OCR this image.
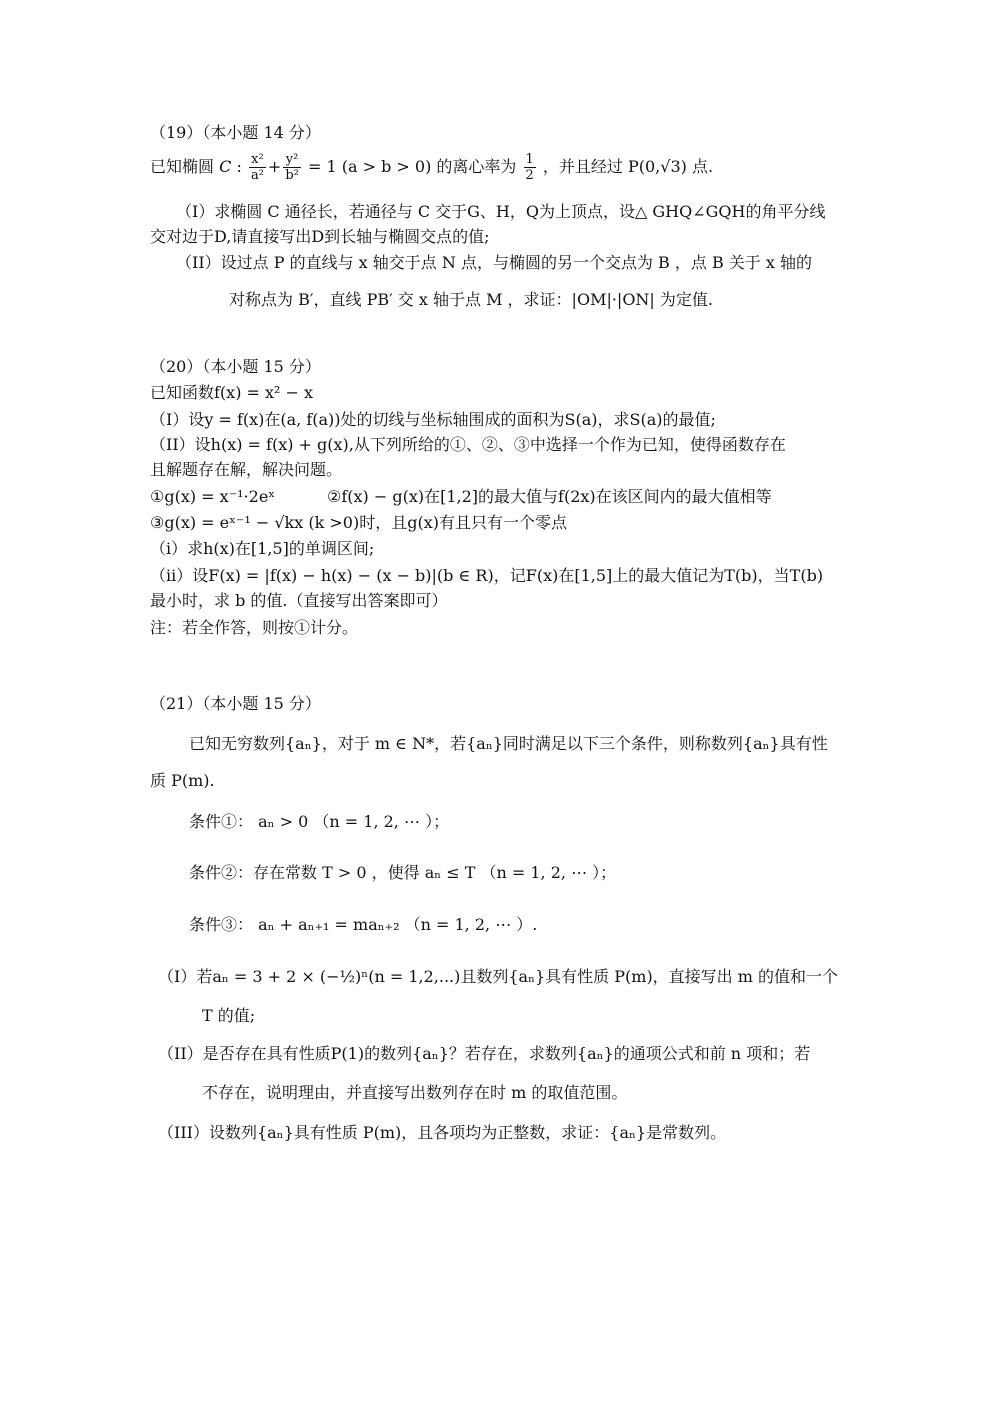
（19）（本小题 14 分）
已知椭圆 C : $\frac{\text{x²}}{\text{a²}} + \frac{\text{y²}}{\text{b²}} = 1$ (a > b > 0) 的离心率为 $\frac{1}{2}$ ，并且经过 P(0,√3) 点.
（I）求椭圆 C 通径长，若通径与 C 交于G、H，Q为上顶点，设△ GHQ∠GQH的角平分线
交对边于D,请直接写出D到长轴与椭圆交点的值;
（II）设过点 P 的直线与 x 轴交于点 N 点，与椭圆的另一个交点为 B ，点 B 关于 x 轴的
对称点为 B′，直线 PB′ 交 x 轴于点 M ，求证：|OM|·|ON| 为定值.
（20）（本小题 15 分）
已知函数f(x) = x² − x
（I）设y = f(x)在(a, f(a))处的切线与坐标轴围成的面积为S(a)，求S(a)的最值;
（II）设h(x) = f(x) + g(x),从下列所给的①、②、③中选择一个作为已知，使得函数存在
且解题存在解，解决问题。
①g(x) = x⁻¹·2eˣ	②f(x) − g(x)在[1,2]的最大值与f(2x)在该区间内的最大值相等
③g(x) = eˣ⁻¹ − √kx (k >0)时，且g(x)有且只有一个零点
（i）求h(x)在[1,5]的单调区间;
（ii）设F(x) = |f(x) − h(x) − (x − b)|(b ∈ R)，记F(x)在[1,5]上的最大值记为T(b)，当T(b)
最小时，求 b 的值.（直接写出答案即可）
注：若全作答，则按①计分。
（21）（本小题 15 分）
已知无穷数列{aₙ}，对于 m ∈ N*，若{aₙ}同时满足以下三个条件，则称数列{aₙ}具有性
质 P(m).
条件①： aₙ > 0 （n = 1, 2, ⋯ ）；
条件②：存在常数 T > 0 ，使得 aₙ ≤ T （n = 1, 2, ⋯ ）；
条件③： aₙ + aₙ₊₁ = maₙ₊₂ （n = 1, 2, ⋯ ）.
（I）若aₙ = 3 + 2 × (−½)ⁿ(n = 1,2,...)且数列{aₙ}具有性质 P(m)，直接写出 m 的值和一个
T 的值;
（II）是否存在具有性质P(1)的数列{aₙ}？若存在，求数列{aₙ}的通项公式和前 n 项和；若
不存在，说明理由，并直接写出数列存在时 m 的取值范围。
（III）设数列{aₙ}具有性质 P(m)，且各项均为正整数，求证：{aₙ}是常数列。
